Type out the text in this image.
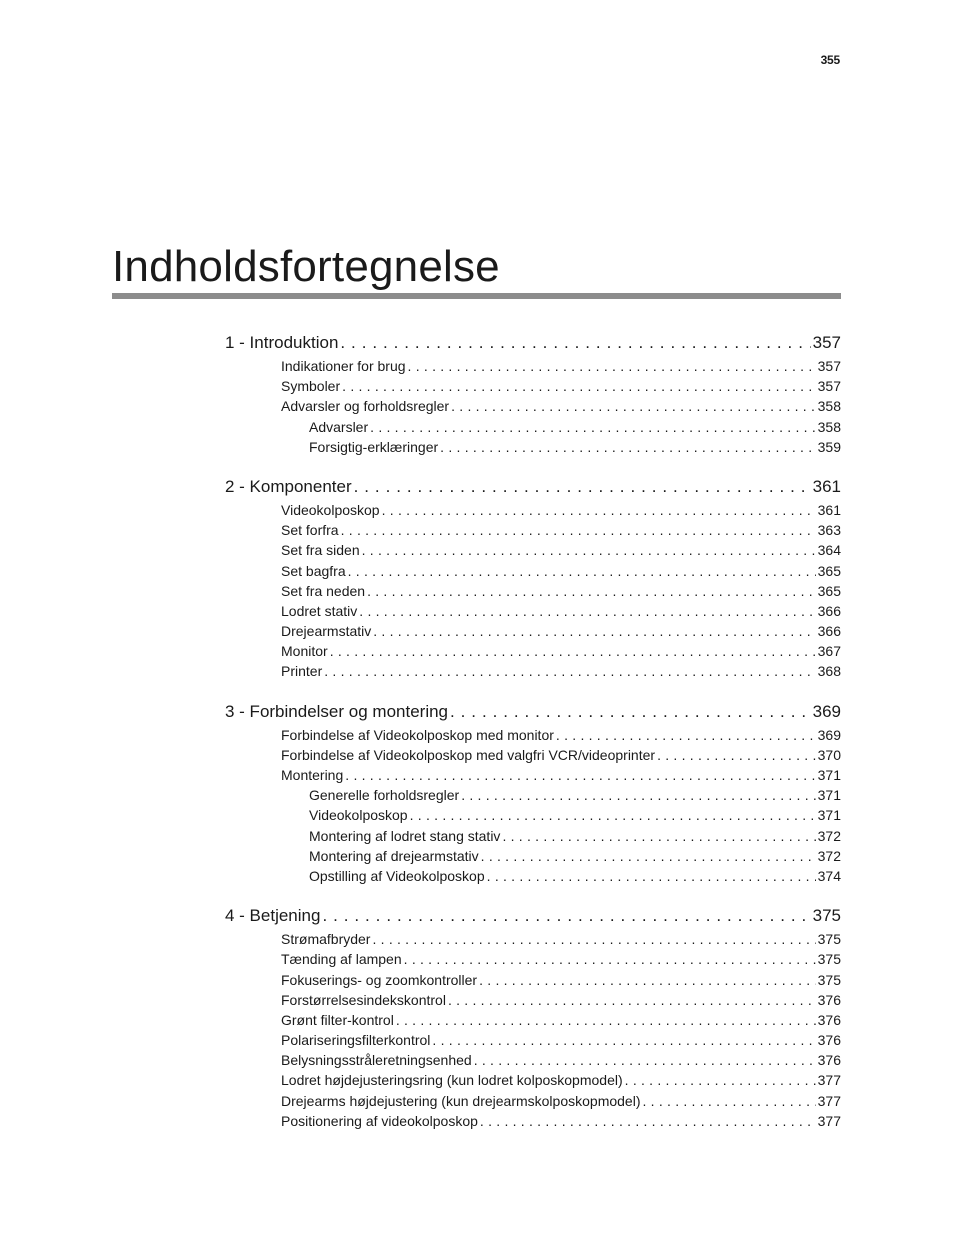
355
Indholdsfortegnelse
1 - Introduktion . . .	357
Indikationer for brug . . .	357
Symboler . . .	357
Advarsler og forholdsregler . . .	358
Advarsler . . .	358
Forsigtig-erklæringer . . .	359
2 - Komponenter . . .	361
Videokolposkop . . .	361
Set forfra . . .	363
Set fra siden . . .	364
Set bagfra . . .	365
Set fra neden . . .	365
Lodret stativ . . .	366
Drejearmstativ . . .	366
Monitor . . .	367
Printer . . .	368
3 - Forbindelser og montering . . .	369
Forbindelse af Videokolposkop med monitor . . .	369
Forbindelse af Videokolposkop med valgfri VCR/videoprinter . . .	370
Montering . . .	371
Generelle forholdsregler . . .	371
Videokolposkop . . .	371
Montering af lodret stang stativ . . .	372
Montering af drejearmstativ . . .	372
Opstilling af Videokolposkop . . .	374
4 - Betjening . . .	375
Strømafbryder . . .	375
Tænding af lampen . . .	375
Fokuserings- og zoomkontroller . . .	375
Forstørrelsesindekskontrol . . .	376
Grønt filter-kontrol . . .	376
Polariseringsfilterkontrol . . .	376
Belysningsstråleretningsenhed . . .	376
Lodret højdejusteringsring (kun lodret kolposkopmodel) . . .	377
Drejearms højdejustering (kun drejearmskolposkopmodel) . . .	377
Positionering af videokolposkop . . .	377
